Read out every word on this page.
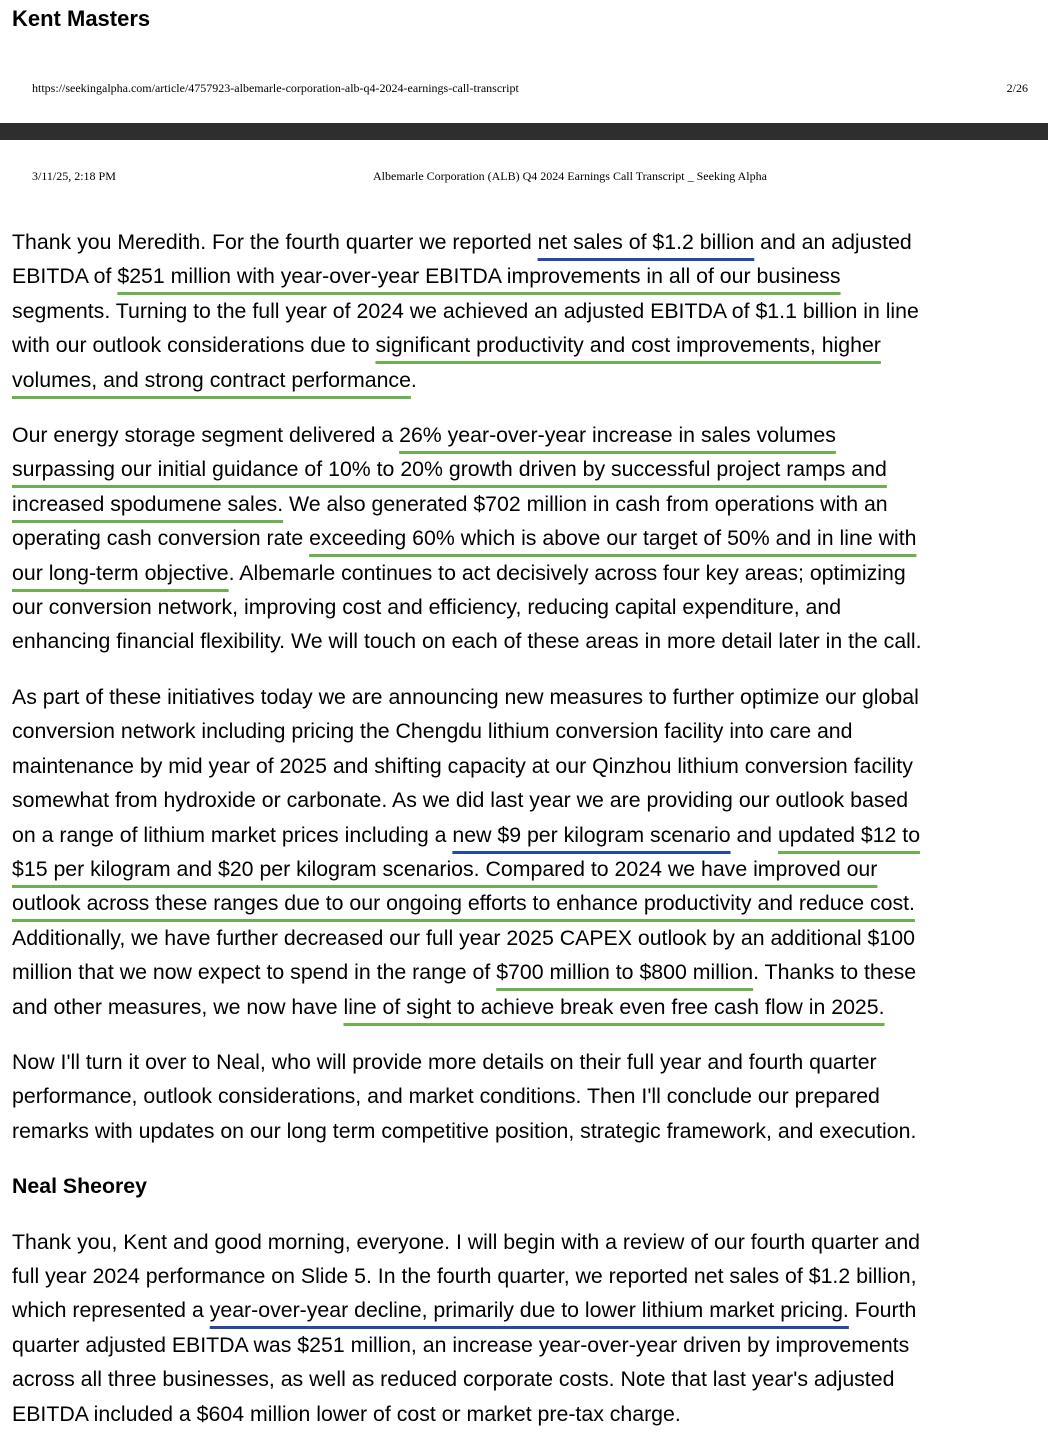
Kent Masters
https://seekingalpha.com/article/4757923-albemarle-corporation-alb-q4-2024-earnings-call-transcript	2/26
3/11/25, 2:18 PM	Albemarle Corporation (ALB) Q4 2024 Earnings Call Transcript _ Seeking Alpha

Thank you Meredith. For the fourth quarter we reported net sales of $1.2 billion and an adjusted
EBITDA of $251 million with year-over-year EBITDA improvements in all of our business
segments. Turning to the full year of 2024 we achieved an adjusted EBITDA of $1.1 billion in line
with our outlook considerations due to significant productivity and cost improvements, higher
volumes, and strong contract performance.

Our energy storage segment delivered a 26% year-over-year increase in sales volumes
surpassing our initial guidance of 10% to 20% growth driven by successful project ramps and
increased spodumene sales. We also generated $702 million in cash from operations with an
operating cash conversion rate exceeding 60% which is above our target of 50% and in line with
our long-term objective. Albemarle continues to act decisively across four key areas; optimizing
our conversion network, improving cost and efficiency, reducing capital expenditure, and
enhancing financial flexibility. We will touch on each of these areas in more detail later in the call.

As part of these initiatives today we are announcing new measures to further optimize our global
conversion network including pricing the Chengdu lithium conversion facility into care and
maintenance by mid year of 2025 and shifting capacity at our Qinzhou lithium conversion facility
somewhat from hydroxide or carbonate. As we did last year we are providing our outlook based
on a range of lithium market prices including a new $9 per kilogram scenario and updated $12 to
$15 per kilogram and $20 per kilogram scenarios. Compared to 2024 we have improved our
outlook across these ranges due to our ongoing efforts to enhance productivity and reduce cost.
Additionally, we have further decreased our full year 2025 CAPEX outlook by an additional $100
million that we now expect to spend in the range of $700 million to $800 million. Thanks to these
and other measures, we now have line of sight to achieve break even free cash flow in 2025.

Now I'll turn it over to Neal, who will provide more details on their full year and fourth quarter
performance, outlook considerations, and market conditions. Then I'll conclude our prepared
remarks with updates on our long term competitive position, strategic framework, and execution.

Neal Sheorey

Thank you, Kent and good morning, everyone. I will begin with a review of our fourth quarter and
full year 2024 performance on Slide 5. In the fourth quarter, we reported net sales of $1.2 billion,
which represented a year-over-year decline, primarily due to lower lithium market pricing. Fourth
quarter adjusted EBITDA was $251 million, an increase year-over-year driven by improvements
across all three businesses, as well as reduced corporate costs. Note that last year's adjusted
EBITDA included a $604 million lower of cost or market pre-tax charge.
